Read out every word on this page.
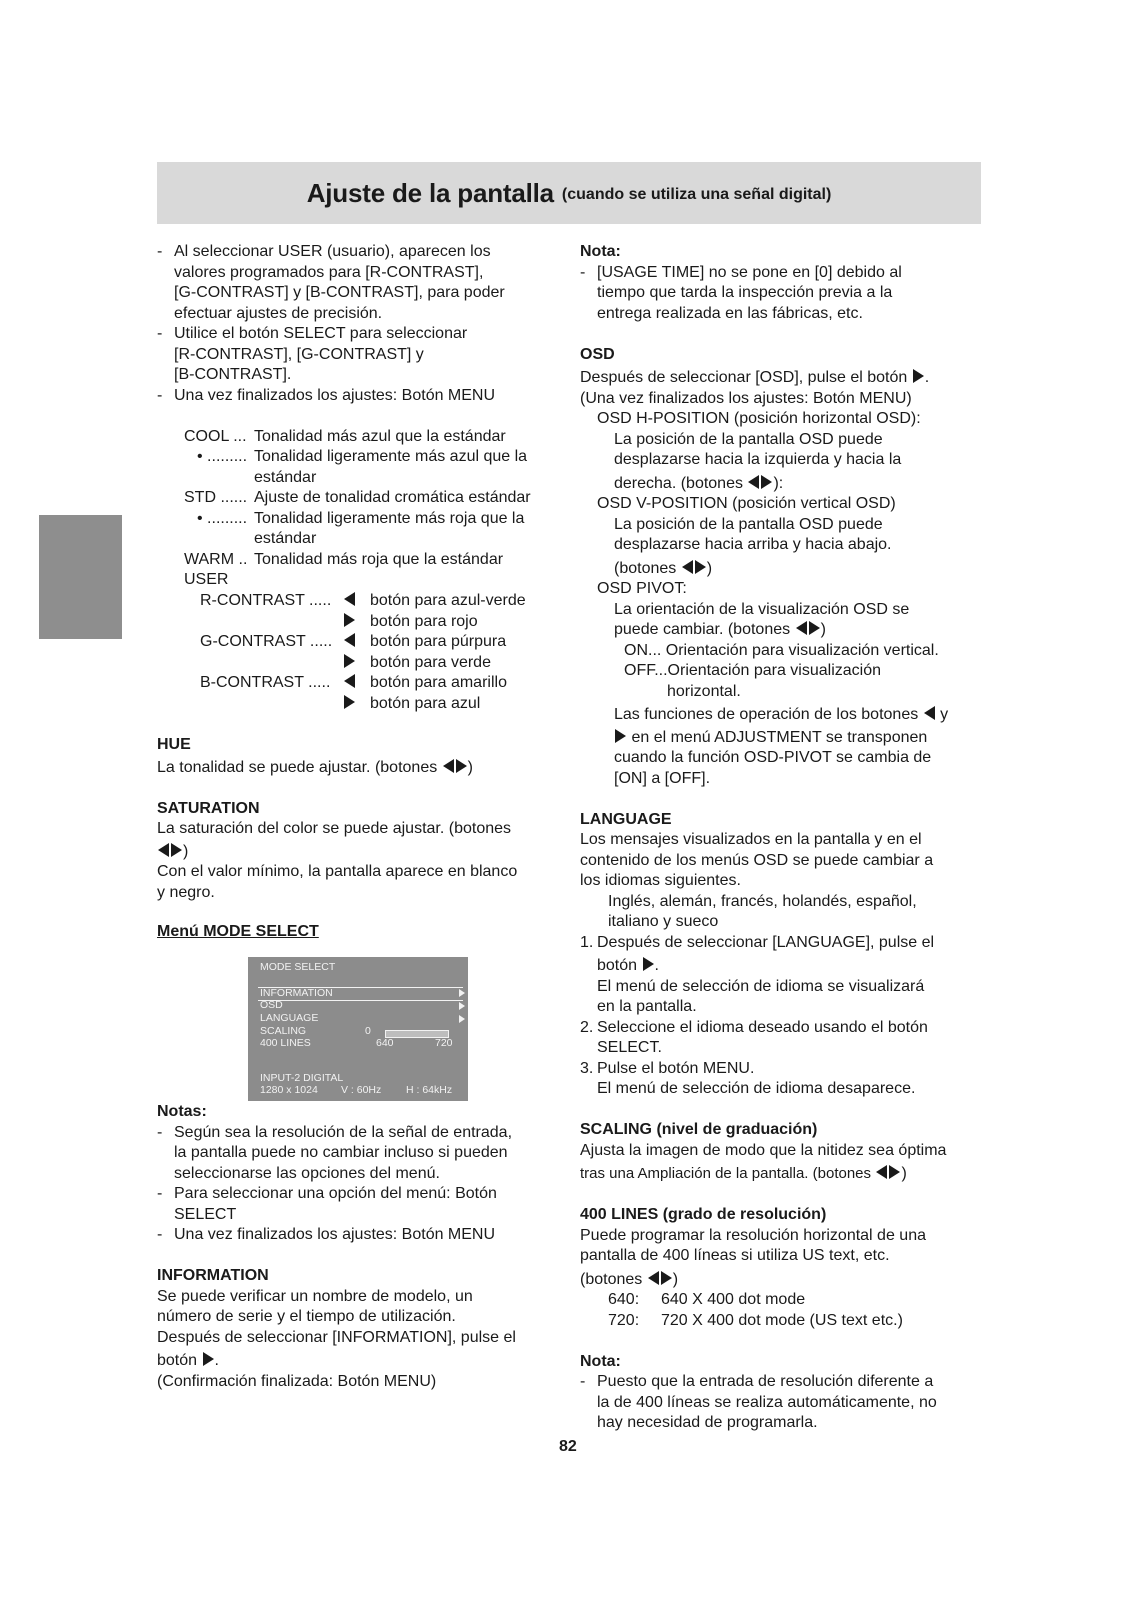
Ajuste de la pantalla (cuando se utiliza una señal digital)
- Al seleccionar USER (usuario), aparecen los
valores programados para [R-CONTRAST],
[G-CONTRAST] y [B-CONTRAST], para poder
efectuar ajustes de precisión.
- Utilice el botón SELECT para seleccionar
[R-CONTRAST], [G-CONTRAST] y
[B-CONTRAST].
- Una vez finalizados los ajustes: Botón MENU
COOL ... Tonalidad más azul que la estándar
• ......... Tonalidad ligeramente más azul que la
estándar
STD ...... Ajuste de tonalidad cromática estándar
• ......... Tonalidad ligeramente más roja que la
estándar
WARM .. Tonalidad más roja que la estándar
USER
R-CONTRAST ..... botón para azul-verde
botón para rojo
G-CONTRAST ..... botón para púrpura
botón para verde
B-CONTRAST ..... botón para amarillo
botón para azul
HUE
La tonalidad se puede ajustar. (botones )
SATURATION
La saturación del color se puede ajustar. (botones
)
Con el valor mínimo, la pantalla aparece en blanco
y negro.
Menú MODE SELECT
MODE SELECT
INFORMATION
OSD
LANGUAGE
SCALING
400 LINES
0
640	720
INPUT-2 DIGITAL
1280 x 1024 V : 60Hz H : 64kHz
Notas:
- Según sea la resolución de la señal de entrada,
la pantalla puede no cambiar incluso si pueden
seleccionarse las opciones del menú.
- Para seleccionar una opción del menú: Botón
SELECT
- Una vez finalizados los ajustes: Botón MENU
INFORMATION
Se puede verificar un nombre de modelo, un
número de serie y el tiempo de utilización.
Después de seleccionar [INFORMATION], pulse el
botón .
(Confirmación finalizada: Botón MENU)
Nota:
- [USAGE TIME] no se pone en [0] debido al
tiempo que tarda la inspección previa a la
entrega realizada en las fábricas, etc.
OSD
Después de seleccionar [OSD], pulse el botón .
(Una vez finalizados los ajustes: Botón MENU)
OSD H-POSITION (posición horizontal OSD):
La posición de la pantalla OSD puede
desplazarse hacia la izquierda y hacia la
derecha. (botones ):
OSD V-POSITION (posición vertical OSD)
La posición de la pantalla OSD puede
desplazarse hacia arriba y hacia abajo.
(botones )
OSD PIVOT:
La orientación de la visualización OSD se
puede cambiar. (botones )
ON... Orientación para visualización vertical.
OFF...Orientación para visualización
horizontal.
Las funciones de operación de los botones y
en el menú ADJUSTMENT se transponen
cuando la función OSD-PIVOT se cambia de
[ON] a [OFF].
LANGUAGE
Los mensajes visualizados en la pantalla y en el
contenido de los menús OSD se puede cambiar a
los idiomas siguientes.
Inglés, alemán, francés, holandés, español,
italiano y sueco
1. Después de seleccionar [LANGUAGE], pulse el
botón .
El menú de selección de idioma se visualizará
en la pantalla.
2. Seleccione el idioma deseado usando el botón
SELECT.
3. Pulse el botón MENU.
El menú de selección de idioma desaparece.
SCALING (nivel de graduación)
Ajusta la imagen de modo que la nitidez sea óptima
tras una Ampliación de la pantalla. (botones )
400 LINES (grado de resolución)
Puede programar la resolución horizontal de una
pantalla de 400 líneas si utiliza US text, etc.
(botones )
640: 640 X 400 dot mode
720: 720 X 400 dot mode (US text etc.)
Nota:
- Puesto que la entrada de resolución diferente a
la de 400 líneas se realiza automáticamente, no
hay necesidad de programarla.
82
